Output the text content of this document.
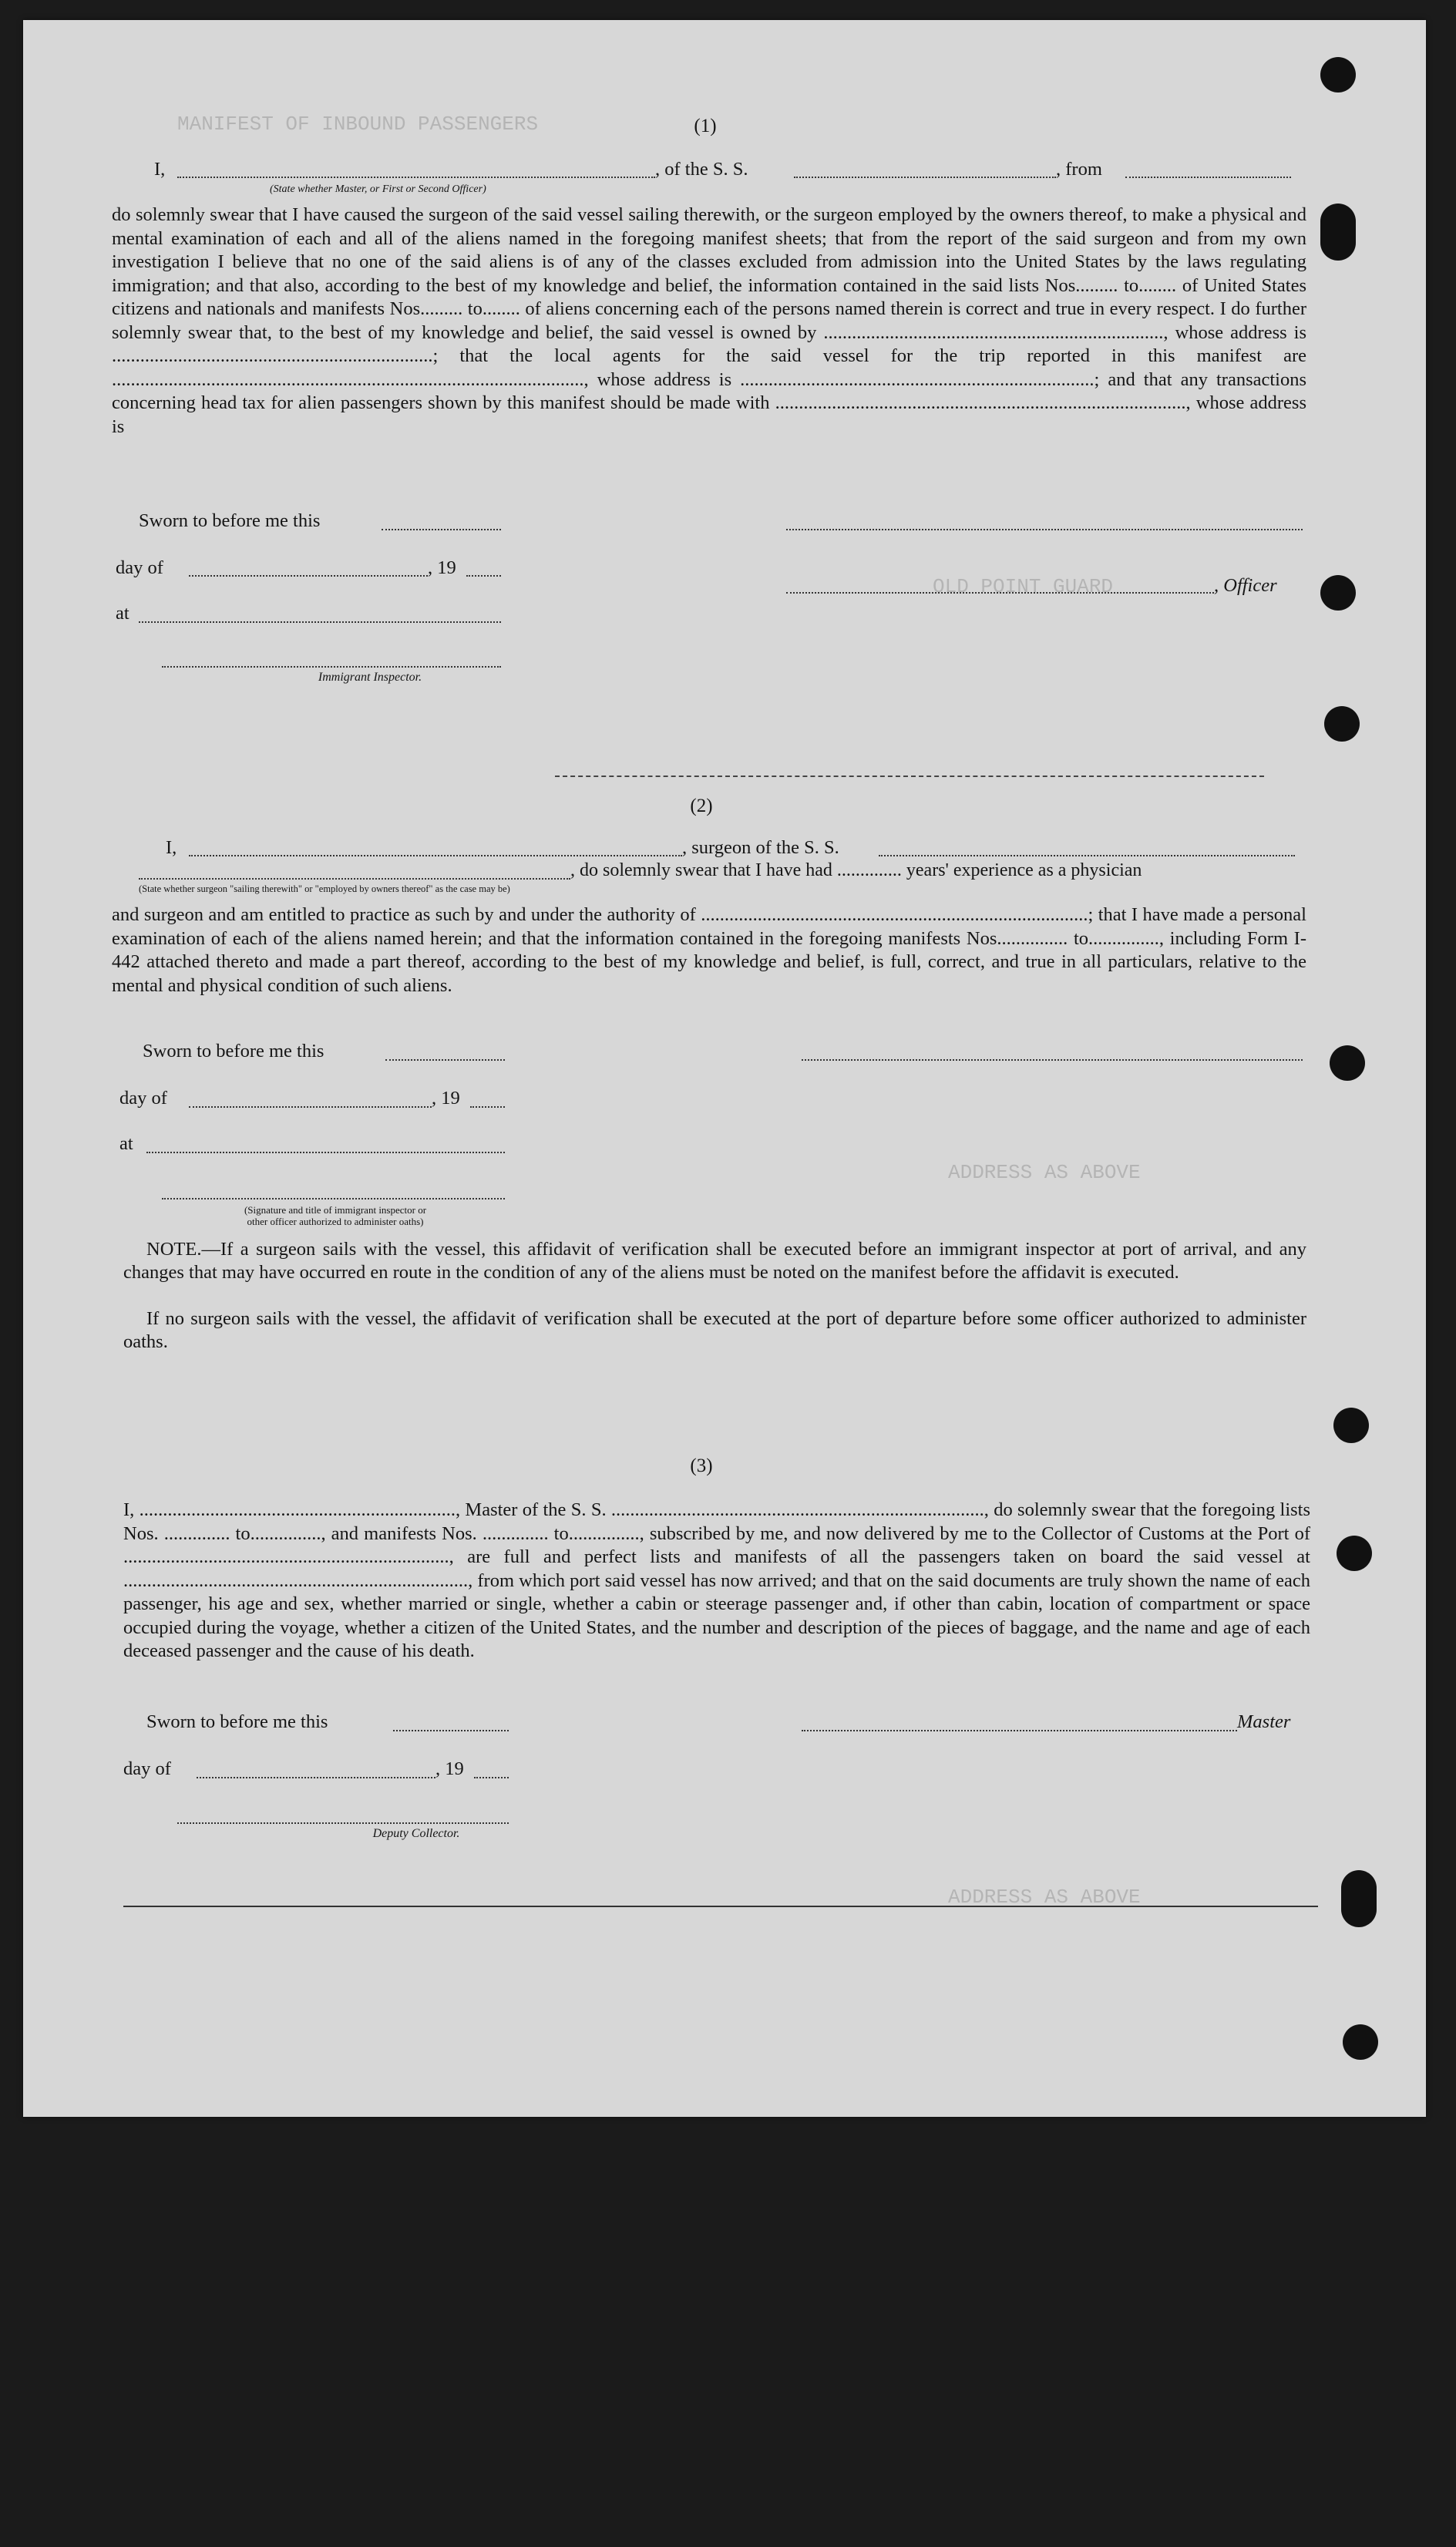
MANIFEST OF INBOUND PASSENGERS
OLD POINT GUARD
ADDRESS AS ABOVE
ADDRESS AS ABOVE
(1)
I,	, of the S. S.	, from
(State whether Master, or First or Second Officer)
do solemnly swear that I have caused the surgeon of the said vessel sailing therewith, or the surgeon employed by the owners thereof, to make a physical and mental examination of each and all of the aliens named in the foregoing manifest sheets; that from the report of the said surgeon and from my own investigation I believe that no one of the said aliens is of any of the classes excluded from admission into the United States by the laws regulating immigration; and that also, according to the best of my knowledge and belief, the information contained in the said lists Nos......... to........ of United States citizens and nationals and manifests Nos......... to........ of aliens concerning each of the persons named therein is correct and true in every respect. I do further solemnly swear that, to the best of my knowledge and belief, the said vessel is owned by ........................................................................, whose address is ....................................................................; that the local agents for the said vessel for the trip reported in this manifest are ...................................................................................................., whose address is ...........................................................................; and that any transactions concerning head tax for alien passengers shown by this manifest should be made with ......................................................................................., whose address is
Sworn to before me this
day of	, 19
, Officer
at
Immigrant Inspector.
(2)
I,	, surgeon of the S. S.
, do solemnly swear that I have had .............. years' experience as a physician
(State whether surgeon "sailing therewith" or "employed by owners thereof" as the case may be)
and surgeon and am entitled to practice as such by and under the authority of ..................................................................................; that I have made a personal examination of each of the aliens named herein; and that the information contained in the foregoing manifests Nos............... to..............., including Form I-442 attached thereto and made a part thereof, according to the best of my knowledge and belief, is full, correct, and true in all particulars, relative to the mental and physical condition of such aliens.
Sworn to before me this
day of	, 19
at
(Signature and title of immigrant inspector or
other officer authorized to administer oaths)
NOTE.—If a surgeon sails with the vessel, this affidavit of verification shall be executed before an immigrant inspector at port of arrival, and any changes that may have occurred en route in the condition of any of the aliens must be noted on the manifest before the affidavit is executed.
If no surgeon sails with the vessel, the affidavit of verification shall be executed at the port of departure before some officer authorized to administer oaths.
(3)
I, ..................................................................., Master of the S. S. ..............................................................................., do solemnly swear that the foregoing lists Nos. .............. to..............., and manifests Nos. .............. to..............., subscribed by me, and now delivered by me to the Collector of Customs at the Port of ....................................................................., are full and perfect lists and manifests of all the passengers taken on board the said vessel at ........................................................................., from which port said vessel has now arrived; and that on the said documents are truly shown the name of each passenger, his age and sex, whether married or single, whether a cabin or steerage passenger and, if other than cabin, location of compartment or space occupied during the voyage, whether a citizen of the United States, and the number and description of the pieces of baggage, and the name and age of each deceased passenger and the cause of his death.
Sworn to before me this	Master
day of	, 19
Deputy Collector.
